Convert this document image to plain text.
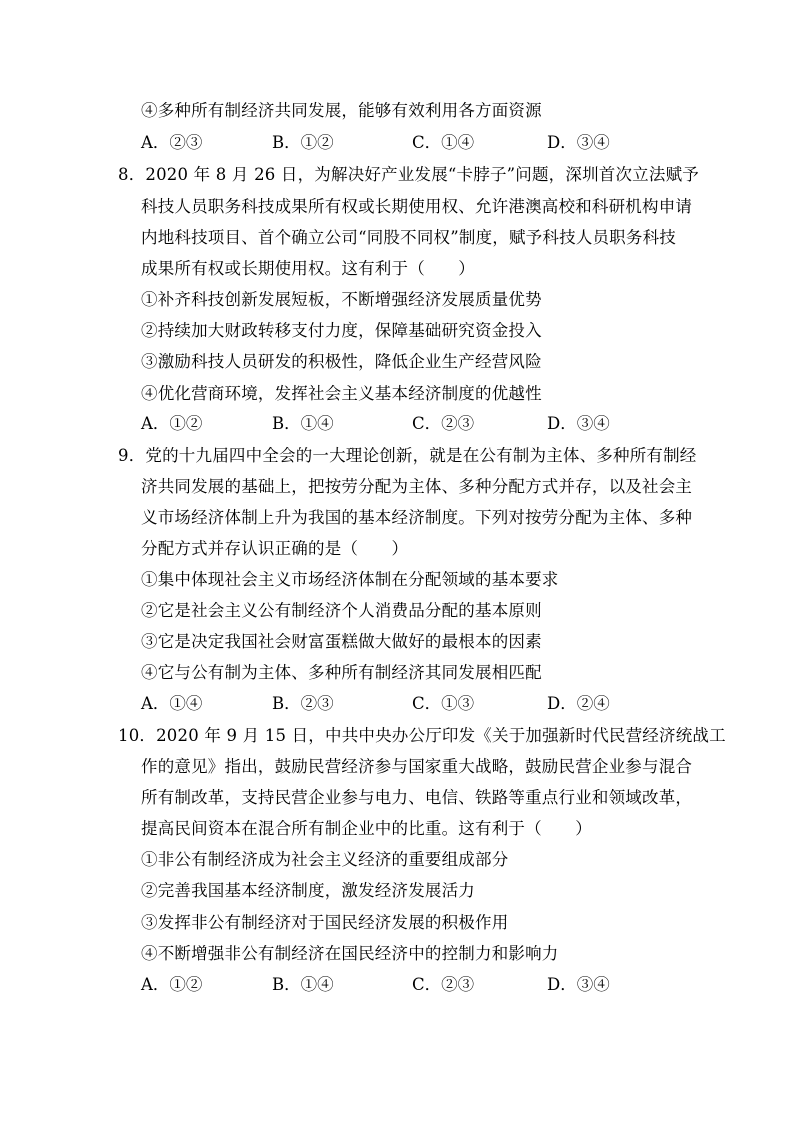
④多种所有制经济共同发展，能够有效利用各方面资源
A．②③	B．①②	C．①④	D．③④
8．2020 年 8 月 26 日，为解决好产业发展“卡脖子”问题，深圳首次立法赋予
科技人员职务科技成果所有权或长期使用权、允许港澳高校和科研机构申请
内地科技项目、首个确立公司“同股不同权”制度，赋予科技人员职务科技
成果所有权或长期使用权。这有利于（　　）
①补齐科技创新发展短板，不断增强经济发展质量优势
②持续加大财政转移支付力度，保障基础研究资金投入
③激励科技人员研发的积极性，降低企业生产经营风险
④优化营商环境，发挥社会主义基本经济制度的优越性
A．①②	B．①④	C．②③	D．③④
9．党的十九届四中全会的一大理论创新，就是在公有制为主体、多种所有制经
济共同发展的基础上，把按劳分配为主体、多种分配方式并存，以及社会主
义市场经济体制上升为我国的基本经济制度。下列对按劳分配为主体、多种
分配方式并存认识正确的是（　　）
①集中体现社会主义市场经济体制在分配领域的基本要求
②它是社会主义公有制经济个人消费品分配的基本原则
③它是决定我国社会财富蛋糕做大做好的最根本的因素
④它与公有制为主体、多种所有制经济其同发展相匹配
A．①④	B．②③	C．①③	D．②④
10．2020 年 9 月 15 日，中共中央办公厅印发《关于加强新时代民营经济统战工
作的意见》指出，鼓励民营经济参与国家重大战略，鼓励民营企业参与混合
所有制改革，支持民营企业参与电力、电信、铁路等重点行业和领域改革，
提高民间资本在混合所有制企业中的比重。这有利于（　　）
①非公有制经济成为社会主义经济的重要组成部分
②完善我国基本经济制度，激发经济发展活力
③发挥非公有制经济对于国民经济发展的积极作用
④不断增强非公有制经济在国民经济中的控制力和影响力
A．①②	B．①④	C．②③	D．③④
